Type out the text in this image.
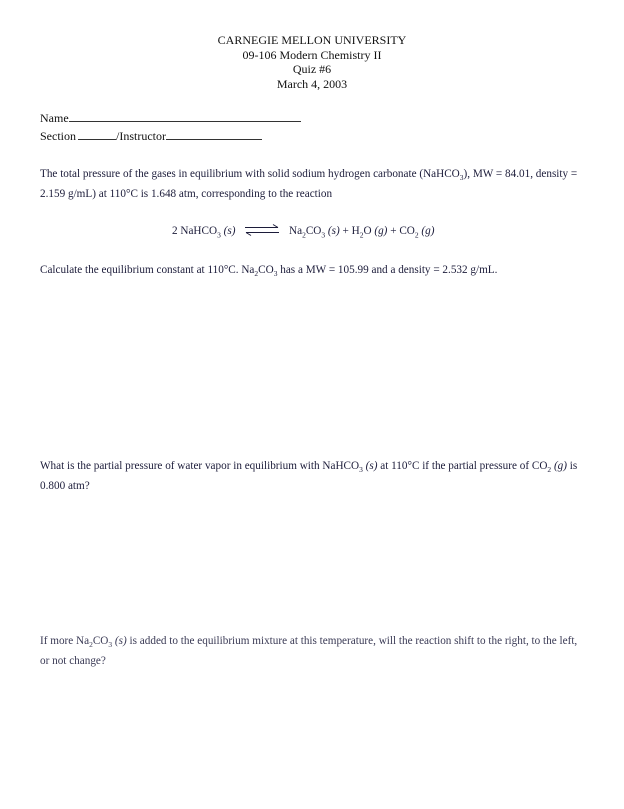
CARNEGIE MELLON UNIVERSITY
09-106 Modern Chemistry II
Quiz #6
March 4, 2003
Name
Section	/Instructor
The total pressure of the gases in equilibrium with solid sodium hydrogen carbonate (NaHCO$_3$), MW = 84.01, density = 2.159 g/mL) at 110°C is 1.648 atm, corresponding to the reaction
2 NaHCO$_3$ (s) ⇌ $Na_2CO_3$ $(s) + H_2O$ $(g) + CO_2$ (g)
Calculate the equilibrium constant at 110°C. $Na_2CO_3$ has a MW = 105.99 and a density = 2.532 g/mL.
What is the partial pressure of water vapor in equilibrium with NaHCO$_3$ (s) at 110°C if the partial pressure of $CO_2$ (g) is 0.800 atm?
If more $Na_2CO_3$ (s) is added to the equilibrium mixture at this temperature, will the reaction shift to the right, to the left, or not change?
